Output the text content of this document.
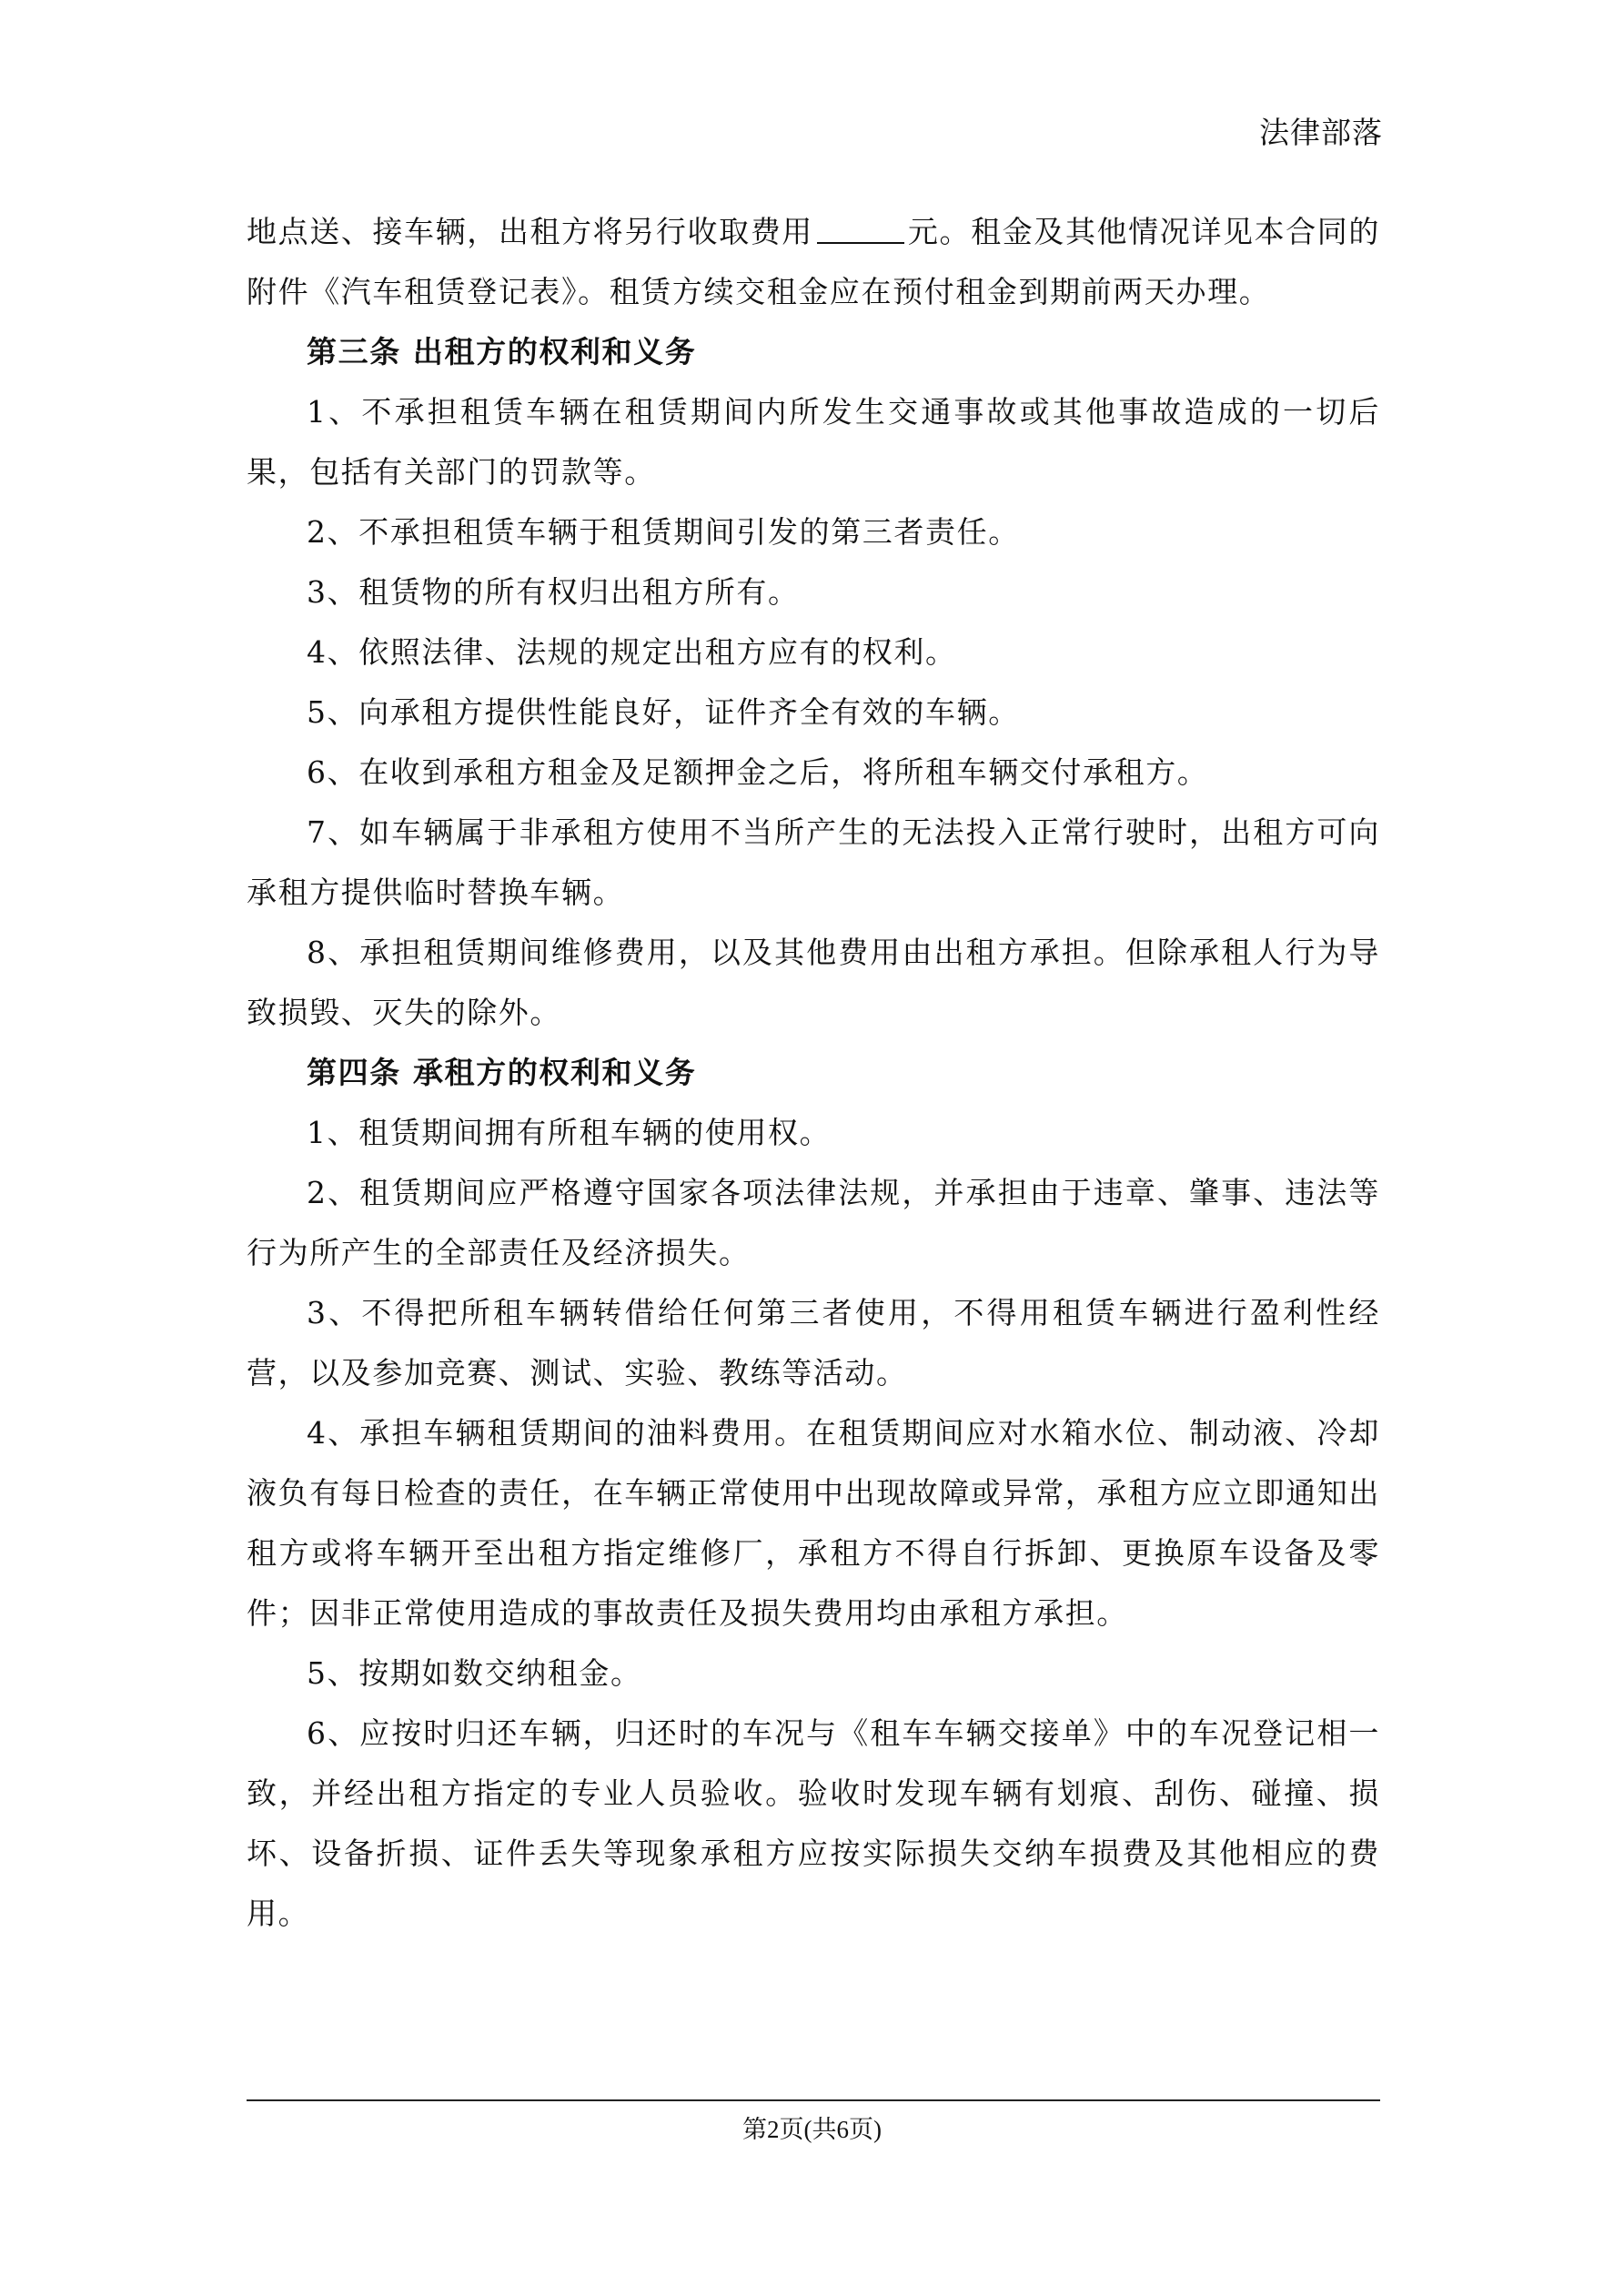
法律部落

地点送、接车辆，出租方将另行收取费用	元。租金及其他情况详见本合同的附件《汽车租赁登记表》。租赁方续交租金应在预付租金到期前两天办理。

第三条 出租方的权利和义务

1、不承担租赁车辆在租赁期间内所发生交通事故或其他事故造成的一切后果，包括有关部门的罚款等。

2、不承担租赁车辆于租赁期间引发的第三者责任。

3、租赁物的所有权归出租方所有。

4、依照法律、法规的规定出租方应有的权利。

5、向承租方提供性能良好，证件齐全有效的车辆。

6、在收到承租方租金及足额押金之后，将所租车辆交付承租方。

7、如车辆属于非承租方使用不当所产生的无法投入正常行驶时，出租方可向承租方提供临时替换车辆。

8、承担租赁期间维修费用，以及其他费用由出租方承担。但除承租人行为导致损毁、灭失的除外。

第四条 承租方的权利和义务

1、租赁期间拥有所租车辆的使用权。

2、租赁期间应严格遵守国家各项法律法规，并承担由于违章、肇事、违法等行为所产生的全部责任及经济损失。

3、不得把所租车辆转借给任何第三者使用，不得用租赁车辆进行盈利性经营，以及参加竞赛、测试、实验、教练等活动。

4、承担车辆租赁期间的油料费用。在租赁期间应对水箱水位、制动液、冷却液负有每日检查的责任，在车辆正常使用中出现故障或异常，承租方应立即通知出租方或将车辆开至出租方指定维修厂，承租方不得自行拆卸、更换原车设备及零件；因非正常使用造成的事故责任及损失费用均由承租方承担。

5、按期如数交纳租金。

6、应按时归还车辆，归还时的车况与《租车车辆交接单》中的车况登记相一致，并经出租方指定的专业人员验收。验收时发现车辆有划痕、刮伤、碰撞、损坏、设备折损、证件丢失等现象承租方应按实际损失交纳车损费及其他相应的费用。

第2页(共6页)
